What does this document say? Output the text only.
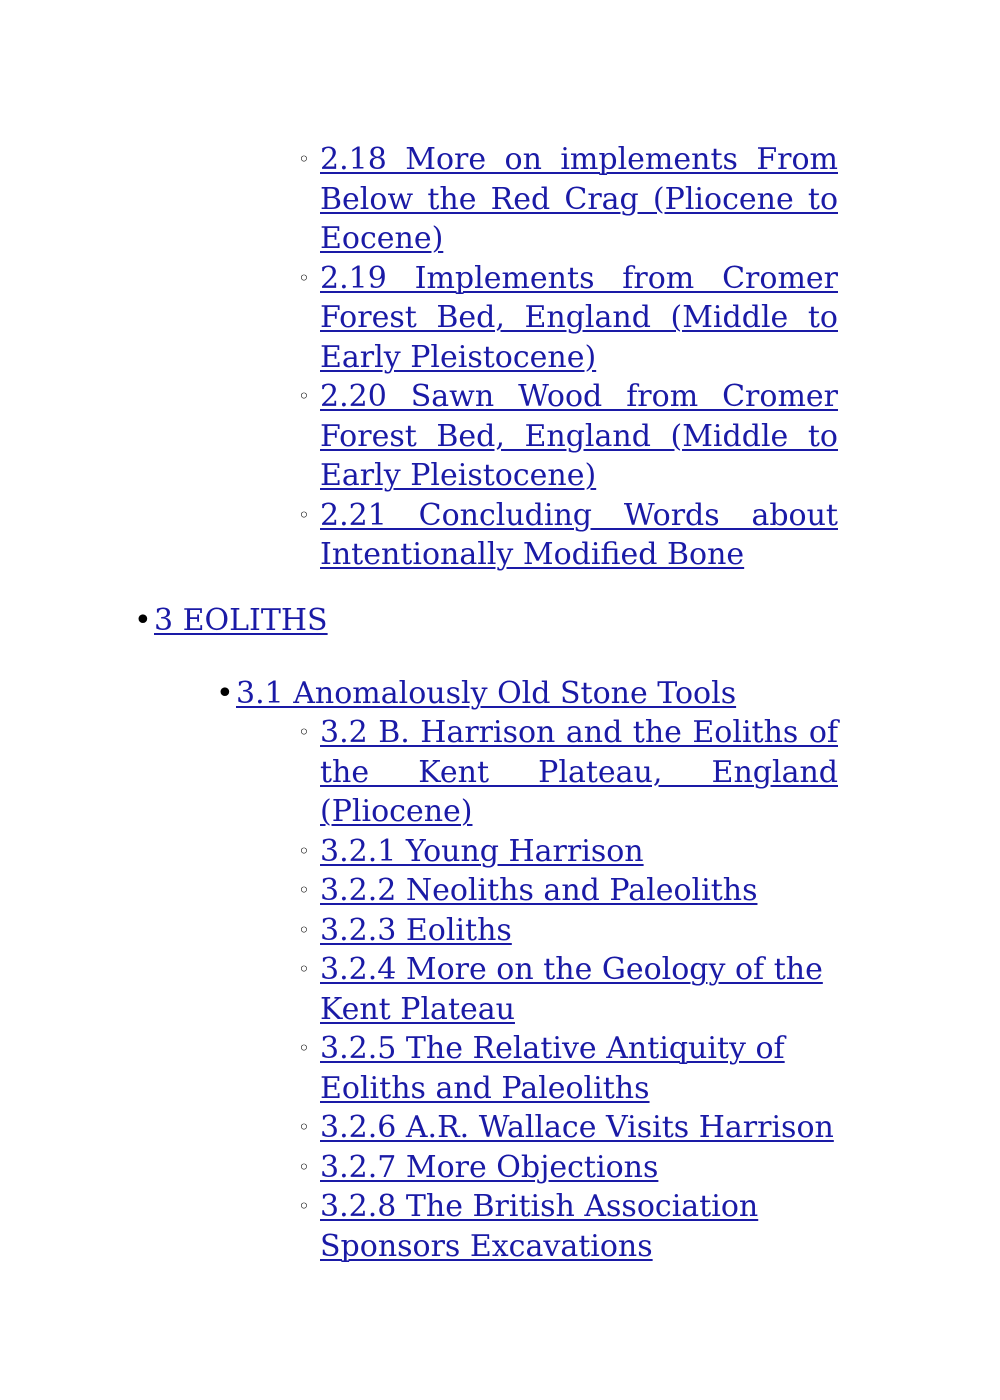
◦ 2.18 More on implements From Below the Red Crag (Pliocene to Eocene)
◦ 2.19 Implements from Cromer Forest Bed, England (Middle to Early Pleistocene)
◦ 2.20 Sawn Wood from Cromer Forest Bed, England (Middle to Early Pleistocene)
◦ 2.21 Concluding Words about Intentionally Modified Bone
• 3 EOLITHS
• 3.1 Anomalously Old Stone Tools
◦ 3.2 B. Harrison and the Eoliths of the Kent Plateau, England (Pliocene)
◦ 3.2.1 Young Harrison
◦ 3.2.2 Neoliths and Paleoliths
◦ 3.2.3 Eoliths
◦ 3.2.4 More on the Geology of the Kent Plateau
◦ 3.2.5 The Relative Antiquity of Eoliths and Paleoliths
◦ 3.2.6 A.R. Wallace Visits Harrison
◦ 3.2.7 More Objections
◦ 3.2.8 The British Association Sponsors Excavations
